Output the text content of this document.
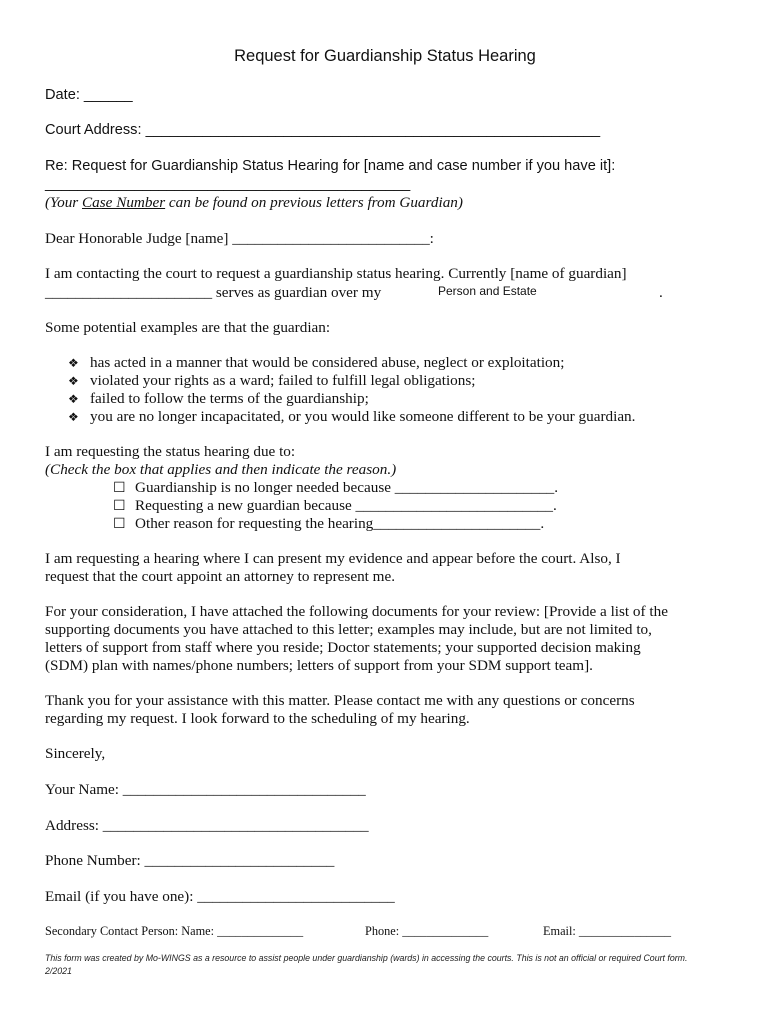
Request for Guardianship Status Hearing
Date: ______
Court Address: ________________________________________________________
Re: Request for Guardianship Status Hearing for [name and case number if you have it]:
_____________________________________________
(Your Case Number can be found on previous letters from Guardian)
Dear Honorable Judge [name] __________________________:
I am contacting the court to request a guardianship status hearing. Currently [name of guardian]
______________________ serves as guardian over my	Person and Estate	.
Some potential examples are that the guardian:
❖ has acted in a manner that would be considered abuse, neglect or exploitation;
❖ violated your rights as a ward; failed to fulfill legal obligations;
❖ failed to follow the terms of the guardianship;
❖ you are no longer incapacitated, or you would like someone different to be your guardian.
I am requesting the status hearing due to:
(Check the box that applies and then indicate the reason.)
☐ Guardianship is no longer needed because _____________________.
☐ Requesting a new guardian because __________________________.
☐ Other reason for requesting the hearing______________________.
I am requesting a hearing where I can present my evidence and appear before the court. Also, I
request that the court appoint an attorney to represent me.
For your consideration, I have attached the following documents for your review: [Provide a list of the
supporting documents you have attached to this letter; examples may include, but are not limited to,
letters of support from staff where you reside; Doctor statements; your supported decision making
(SDM) plan with names/phone numbers; letters of support from your SDM support team].
Thank you for your assistance with this matter. Please contact me with any questions or concerns
regarding my request. I look forward to the scheduling of my hearing.
Sincerely,
Your Name: ________________________________
Address: ___________________________________
Phone Number: _________________________
Email (if you have one): __________________________
Secondary Contact Person: Name: ______________	Phone: ______________	Email: _______________
This form was created by Mo-WINGS as a resource to assist people under guardianship (wards) in accessing the courts. This is not an official or required Court form.
2/2021
